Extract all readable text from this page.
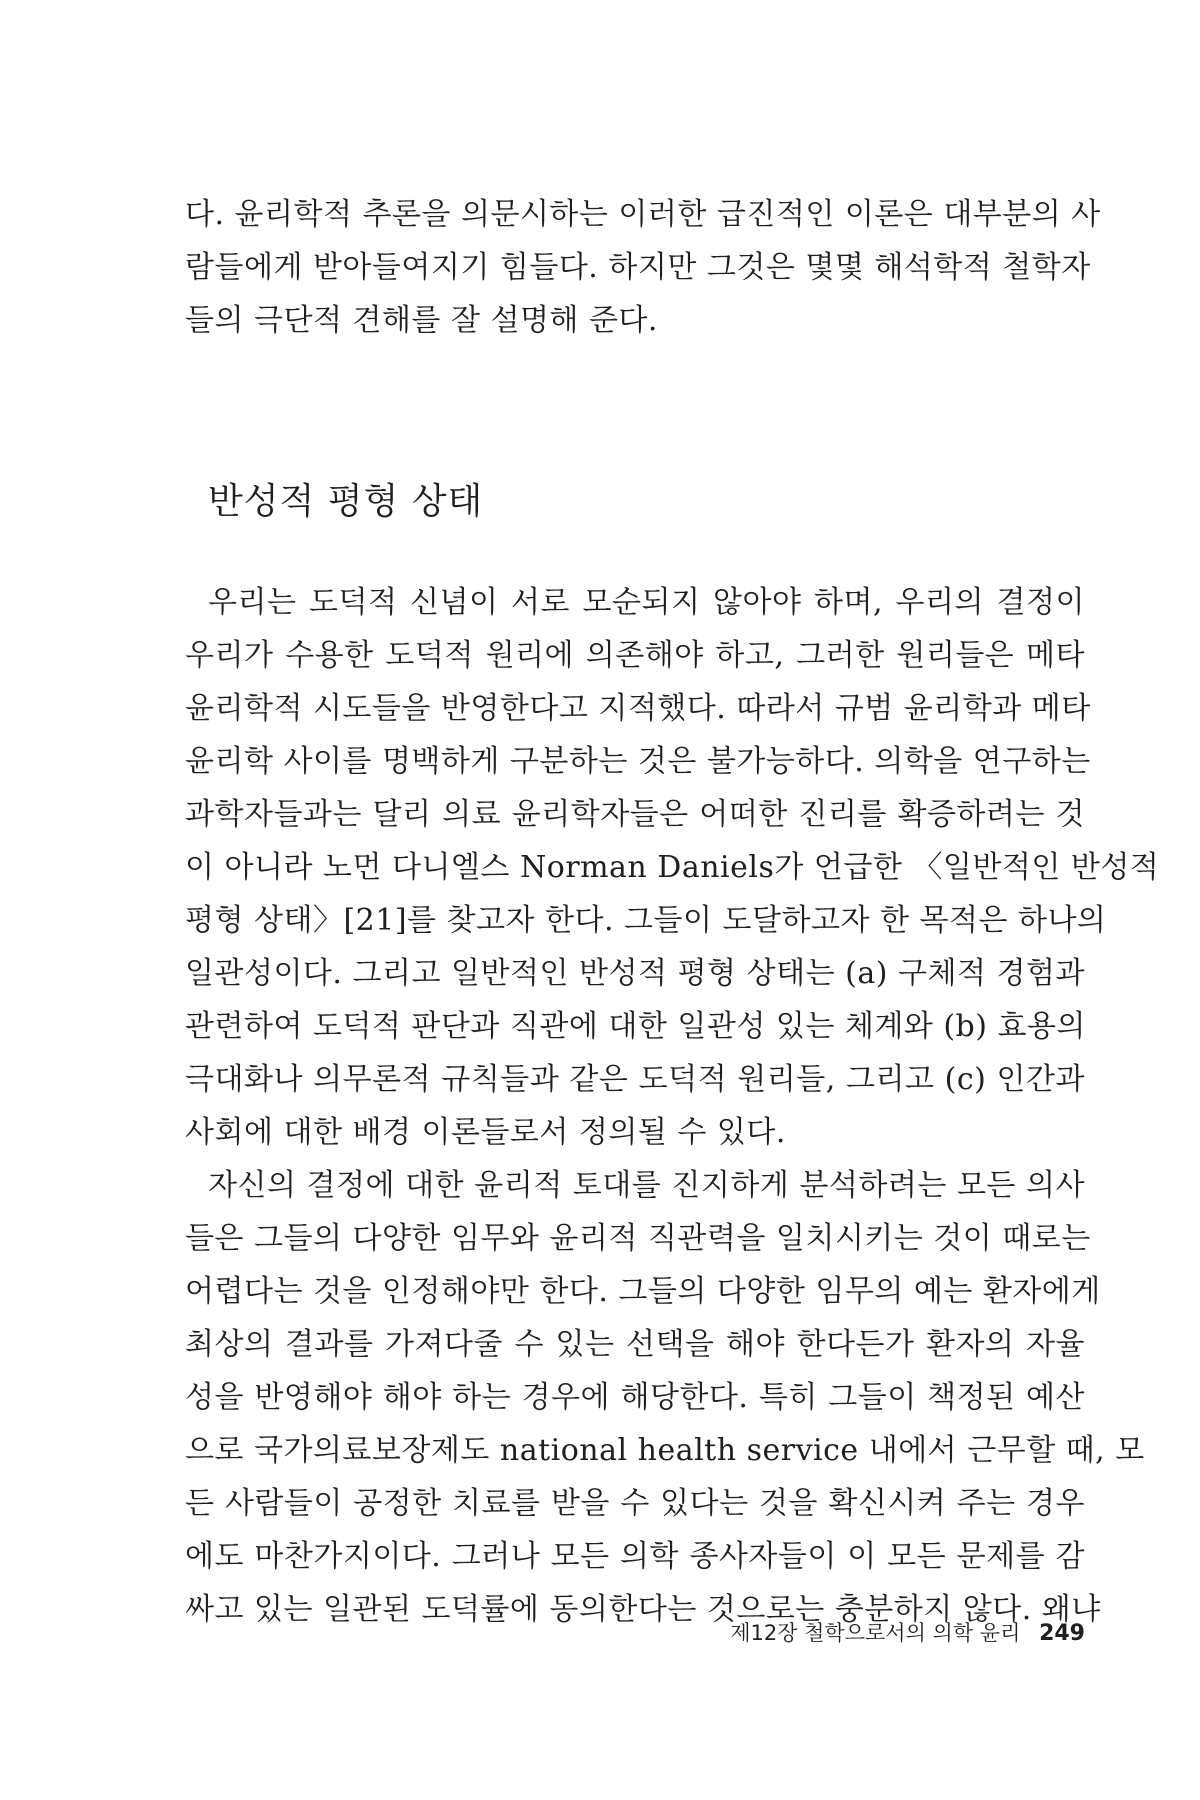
다. 윤리학적 추론을 의문시하는 이러한 급진적인 이론은 대부분의 사
람들에게 받아들여지기 힘들다. 하지만 그것은 몇몇 해석학적 철학자
들의 극단적 견해를 잘 설명해 준다.
반성적 평형 상태
우리는 도덕적 신념이 서로 모순되지 않아야 하며, 우리의 결정이
우리가 수용한 도덕적 원리에 의존해야 하고, 그러한 원리들은 메타
윤리학적 시도들을 반영한다고 지적했다. 따라서 규범 윤리학과 메타
윤리학 사이를 명백하게 구분하는 것은 불가능하다. 의학을 연구하는
과학자들과는 달리 의료 윤리학자들은 어떠한 진리를 확증하려는 것
이 아니라 노먼 다니엘스 Norman Daniels가 언급한 〈일반적인 반성적
평형 상태〉[21]를 찾고자 한다. 그들이 도달하고자 한 목적은 하나의
일관성이다. 그리고 일반적인 반성적 평형 상태는 (a) 구체적 경험과
관련하여 도덕적 판단과 직관에 대한 일관성 있는 체계와 (b) 효용의
극대화나 의무론적 규칙들과 같은 도덕적 원리들, 그리고 (c) 인간과
사회에 대한 배경 이론들로서 정의될 수 있다.
자신의 결정에 대한 윤리적 토대를 진지하게 분석하려는 모든 의사
들은 그들의 다양한 임무와 윤리적 직관력을 일치시키는 것이 때로는
어렵다는 것을 인정해야만 한다. 그들의 다양한 임무의 예는 환자에게
최상의 결과를 가져다줄 수 있는 선택을 해야 한다든가 환자의 자율
성을 반영해야 해야 하는 경우에 해당한다. 특히 그들이 책정된 예산
으로 국가의료보장제도 national health service 내에서 근무할 때, 모
든 사람들이 공정한 치료를 받을 수 있다는 것을 확신시켜 주는 경우
에도 마찬가지이다. 그러나 모든 의학 종사자들이 이 모든 문제를 감
싸고 있는 일관된 도덕률에 동의한다는 것으로는 충분하지 않다. 왜냐
제12장 철학으로서의 의학 윤리 249
